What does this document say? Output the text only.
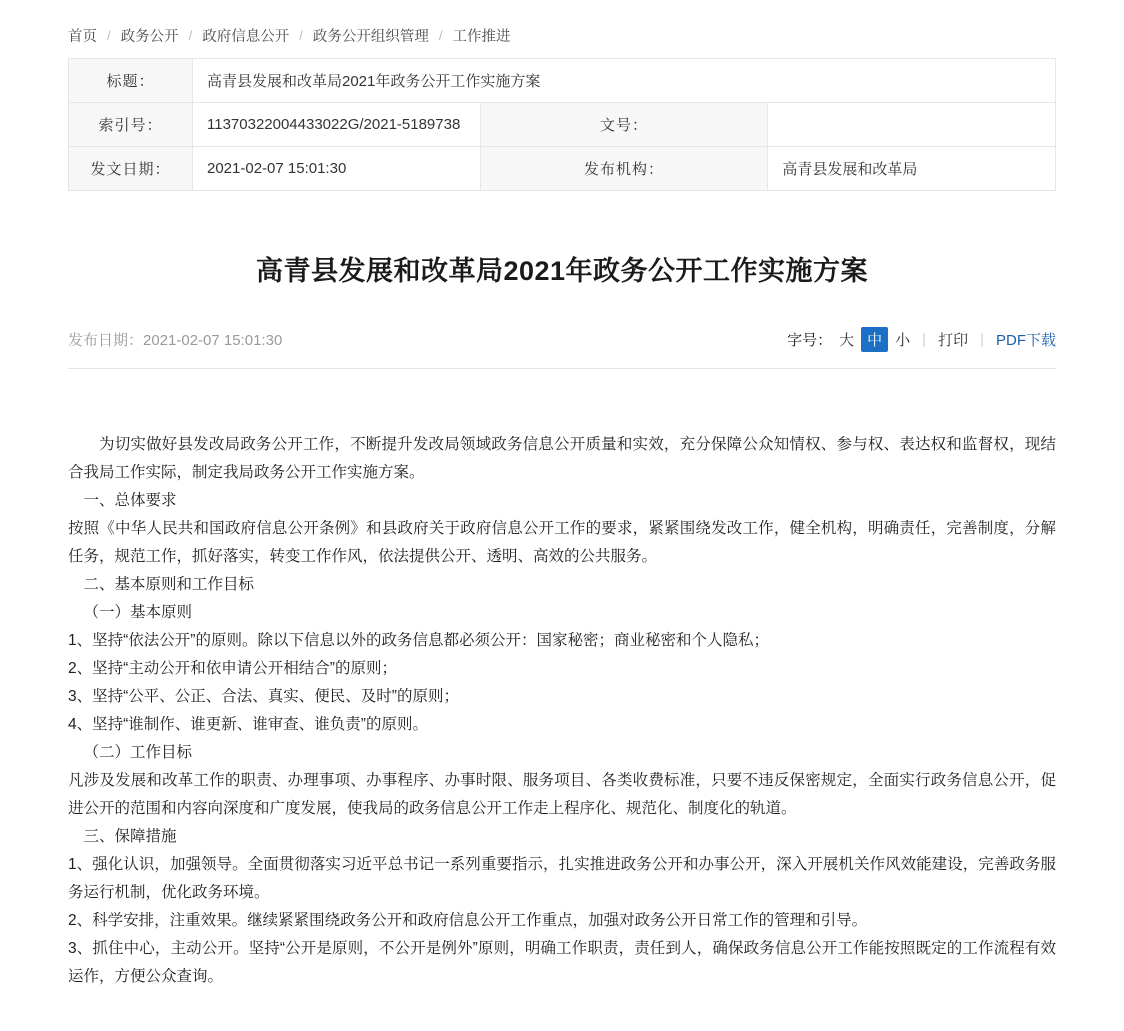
首页 / 政务公开 / 政府信息公开 / 政务公开组织管理 / 工作推进
标题：	高青县发展和改革局2021年政务公开工作实施方案		
索引号：	11370322004433022G/2021-5189738	文号：	
发文日期：	2021-02-07 15:01:30	发布机构：	高青县发展和改革局
高青县发展和改革局2021年政务公开工作实施方案
发布日期：2021-02-07 15:01:30	字号： 大 中 小 | 打印 | PDF下载

为切实做好县发改局政务公开工作，不断提升发改局领域政务信息公开质量和实效，充分保障公众知情权、参与权、表达权和监督权，现结合我局工作实际，制定我局政务公开工作实施方案。

一、总体要求

按照《中华人民共和国政府信息公开条例》和县政府关于政府信息公开工作的要求，紧紧围绕发改工作，健全机构，明确责任，完善制度，分解任务，规范工作，抓好落实，转变工作作风，依法提供公开、透明、高效的公共服务。

二、基本原则和工作目标

（一）基本原则

1、坚持“依法公开”的原则。除以下信息以外的政务信息都必须公开：国家秘密；商业秘密和个人隐私；

2、坚持“主动公开和依申请公开相结合”的原则；

3、坚持“公平、公正、合法、真实、便民、及时”的原则；

4、坚持“谁制作、谁更新、谁审查、谁负责”的原则。

（二）工作目标

凡涉及发展和改革工作的职责、办理事项、办事程序、办事时限、服务项目、各类收费标准，只要不违反保密规定，全面实行政务信息公开，促进公开的范围和内容向深度和广度发展，使我局的政务信息公开工作走上程序化、规范化、制度化的轨道。

三、保障措施

1、强化认识，加强领导。全面贯彻落实习近平总书记一系列重要指示，扎实推进政务公开和办事公开，深入开展机关作风效能建设，完善政务服务运行机制，优化政务环境。

2、科学安排，注重效果。继续紧紧围绕政务公开和政府信息公开工作重点，加强对政务公开日常工作的管理和引导。

3、抓住中心，主动公开。坚持“公开是原则，不公开是例外”原则，明确工作职责，责任到人，确保政务信息公开工作能按照既定的工作流程有效运作，方便公众查询。
